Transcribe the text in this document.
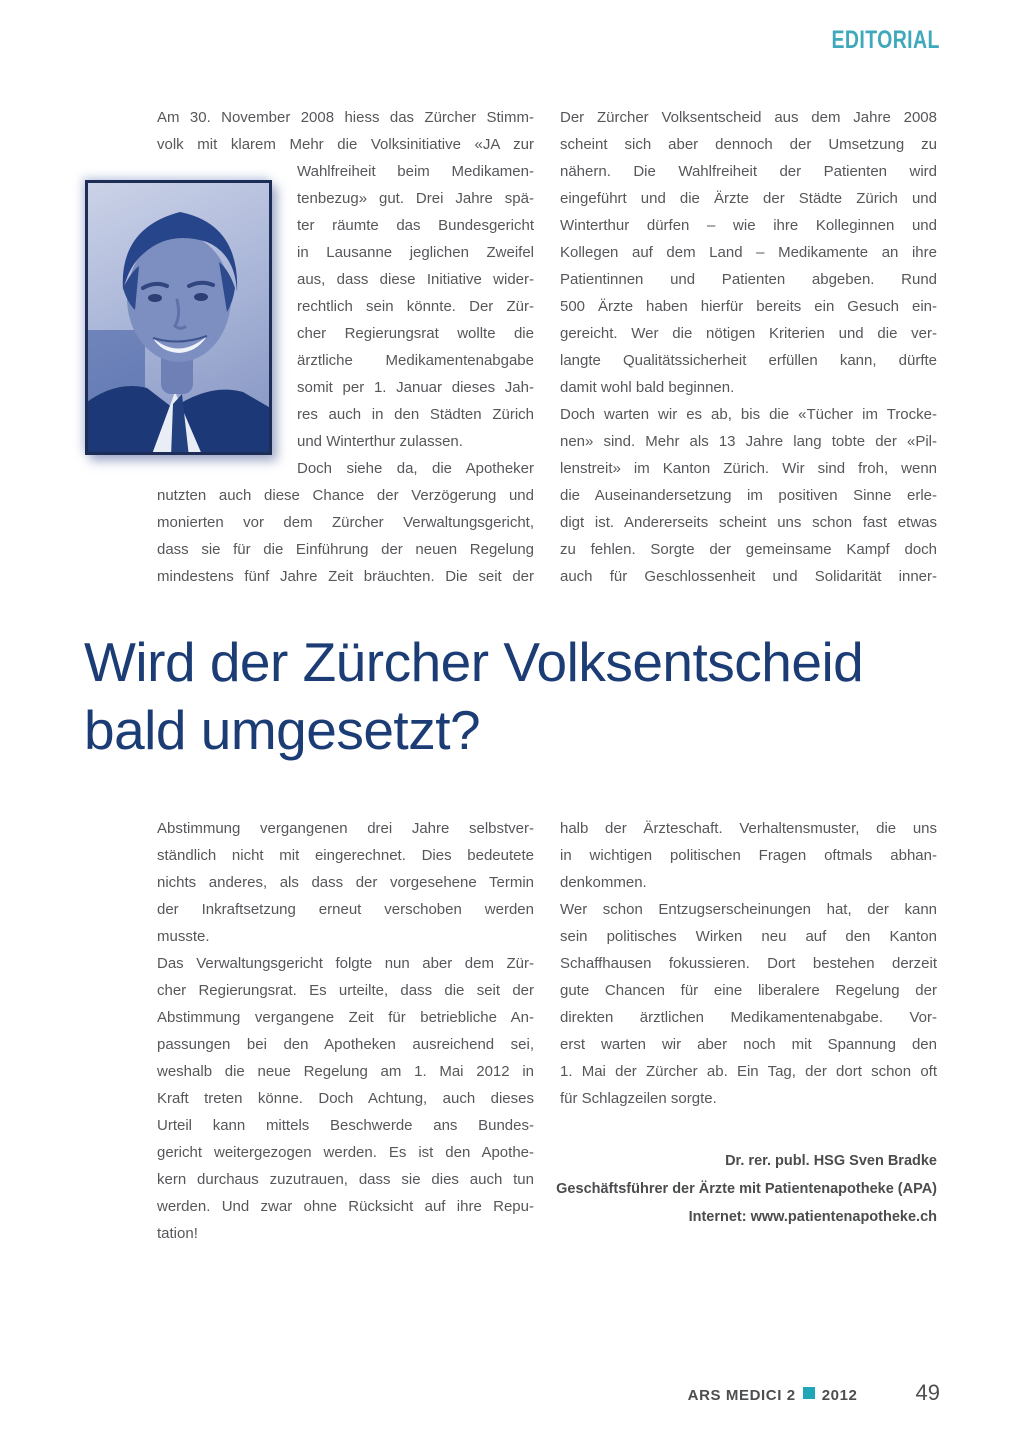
EDITORIAL
Am 30. November 2008 hiess das Zürcher Stimm-
volk mit klarem Mehr die Volksinitiative «JA zur
Wahlfreiheit beim Medikamen-
tenbezug» gut. Drei Jahre spä-
ter räumte das Bundesgericht
in Lausanne jeglichen Zweifel
aus, dass diese Initiative wider-
rechtlich sein könnte. Der Zür-
cher Regierungsrat wollte die
ärztliche Medikamentenabgabe
somit per 1. Januar dieses Jah-
res auch in den Städten Zürich
und Winterthur zulassen.
Doch siehe da, die Apotheker
nutzten auch diese Chance der Verzögerung und
monierten vor dem Zürcher Verwaltungsgericht,
dass sie für die Einführung der neuen Regelung
mindestens fünf Jahre Zeit bräuchten. Die seit der
Der Zürcher Volksentscheid aus dem Jahre 2008
scheint sich aber dennoch der Umsetzung zu
nähern. Die Wahlfreiheit der Patienten wird
eingeführt und die Ärzte der Städte Zürich und
Winterthur dürfen – wie ihre Kolleginnen und
Kollegen auf dem Land – Medikamente an ihre
Patientinnen und Patienten abgeben. Rund
500 Ärzte haben hierfür bereits ein Gesuch ein-
gereicht. Wer die nötigen Kriterien und die ver-
langte Qualitätssicherheit erfüllen kann, dürfte
damit wohl bald beginnen.
Doch warten wir es ab, bis die «Tücher im Trocke-
nen» sind. Mehr als 13 Jahre lang tobte der «Pil-
lenstreit» im Kanton Zürich. Wir sind froh, wenn
die Auseinandersetzung im positiven Sinne erle-
digt ist. Andererseits scheint uns schon fast etwas
zu fehlen. Sorgte der gemeinsame Kampf doch
auch für Geschlossenheit und Solidarität inner-
Wird der Zürcher Volksentscheid
bald umgesetzt?
Abstimmung vergangenen drei Jahre selbstver-
ständlich nicht mit eingerechnet. Dies bedeutete
nichts anderes, als dass der vorgesehene Termin
der Inkraftsetzung erneut verschoben werden
musste.
Das Verwaltungsgericht folgte nun aber dem Zür-
cher Regierungsrat. Es urteilte, dass die seit der
Abstimmung vergangene Zeit für betriebliche An-
passungen bei den Apotheken ausreichend sei,
weshalb die neue Regelung am 1. Mai 2012 in
Kraft treten könne. Doch Achtung, auch dieses
Urteil kann mittels Beschwerde ans Bundes-
gericht weitergezogen werden. Es ist den Apothe-
kern durchaus zuzutrauen, dass sie dies auch tun
werden. Und zwar ohne Rücksicht auf ihre Repu-
tation!
halb der Ärzteschaft. Verhaltensmuster, die uns
in wichtigen politischen Fragen oftmals abhan-
denkommen.
Wer schon Entzugserscheinungen hat, der kann
sein politisches Wirken neu auf den Kanton
Schaffhausen fokussieren. Dort bestehen derzeit
gute Chancen für eine liberalere Regelung der
direkten ärztlichen Medikamentenabgabe. Vor-
erst warten wir aber noch mit Spannung den
1. Mai der Zürcher ab. Ein Tag, der dort schon oft
für Schlagzeilen sorgte.
Dr. rer. publ. HSG Sven Bradke
Geschäftsführer der Ärzte mit Patientenapotheke (APA)
Internet: www.patientenapotheke.ch
ARS MEDICI 2 2012	49
